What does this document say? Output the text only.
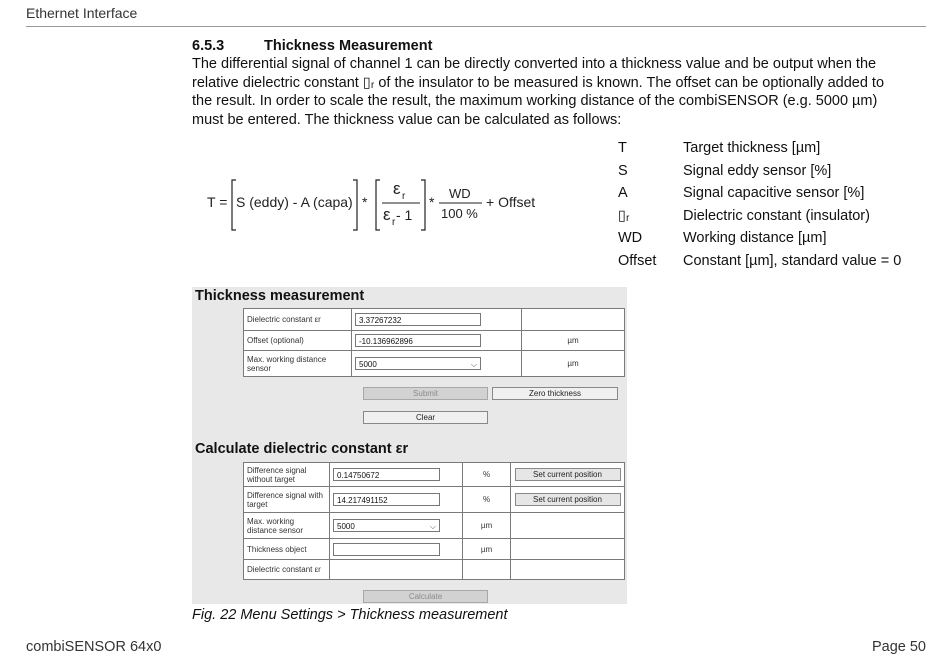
Ethernet Interface
6.5.3	Thickness Measurement
The differential signal of channel 1 can be directly converted into a thickness value and be output when the
relative dielectric constant ▯ᵣ of the insulator to be measured is known. The offset can be optionally added to
the result. In order to scale the result, the maximum working distance of the combiSENSOR (e.g. 5000 µm)
must be entered. The thickness value can be calculated as follows:
T	Target thickness [µm]
S	Signal eddy sensor [%]
A	Signal capacitive sensor [%]
▯ᵣ	Dielectric constant (insulator)
WD	Working distance [µm]
Offset Constant [µm], standard value = 0
T = S (eddy) - A (capa) *
ε r
ε r - 1
*
WD
100 %
+ Offset
Thickness measurement
Dielectric constant εr	3.37267232	

Offset (optional)	-10.136962896	µm
Max. working distance sensor	5000 ⌵	µm
Submit	Zero thickness
Clear
Calculate dielectric constant εr
Difference signal without target	0.14750672	%	Set current position

Difference signal with target	14.217491152	%	Set current position

Max. working distance sensor	5000 ⌵	µm	
Thickness object		µm	
Dielectric constant εr			
Calculate
Fig. 22 Menu Settings > Thickness measurement
combiSENSOR 64x0	Page 50
